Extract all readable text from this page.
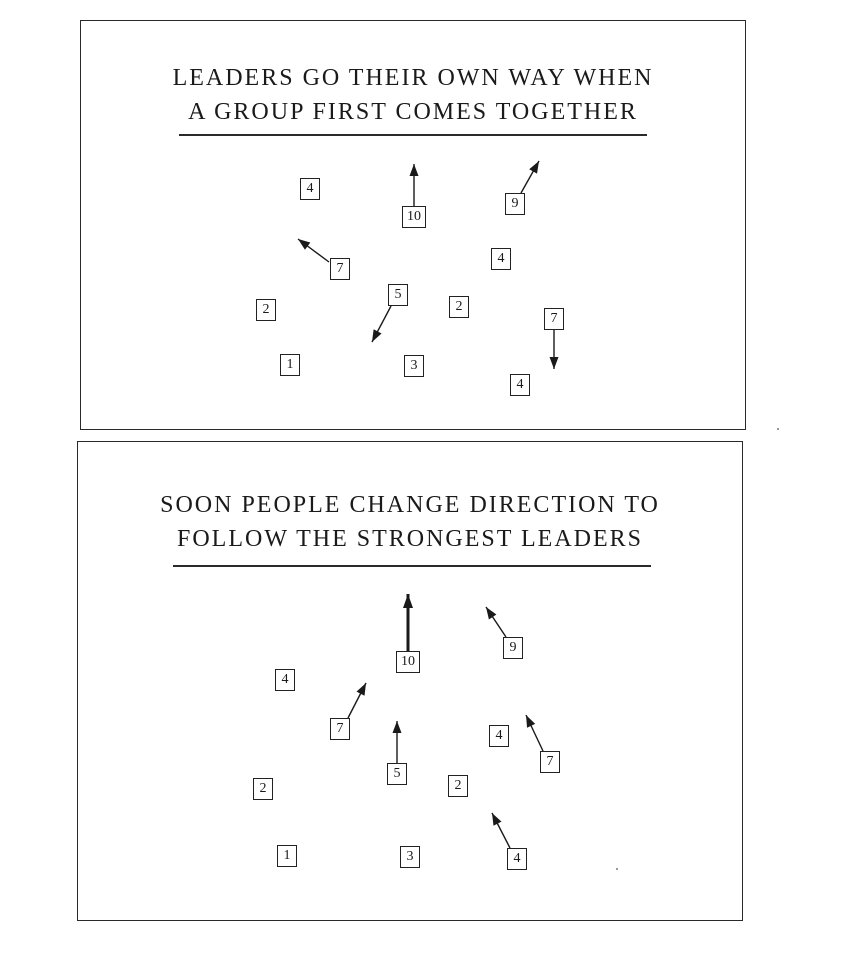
LEADERS GO THEIR OWN WAY WHEN
A GROUP FIRST COMES TOGETHER
4
10
9
7
4
2
5
2
7
1	3
4
SOON PEOPLE CHANGE DIRECTION TO
FOLLOW THE STRONGEST LEADERS
10
9
4
7	4
7
5
2	2
1	3	4
